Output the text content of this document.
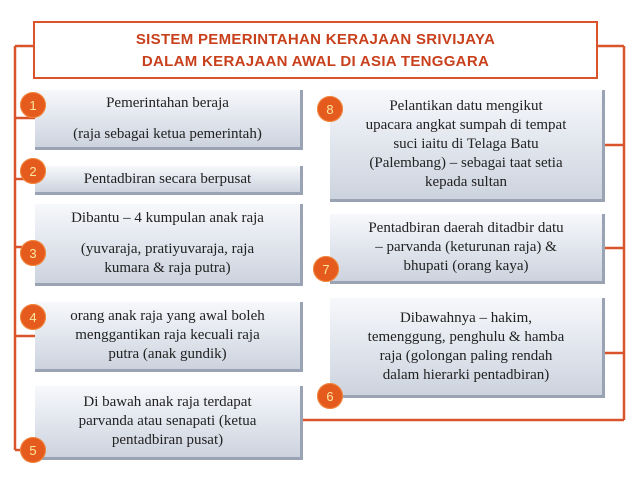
SISTEM PEMERINTAHAN KERAJAAN SRIVIJAYA
DALAM KERAJAAN AWAL DI ASIA TENGGARA
Pemerintahan beraja
(raja sebagai ketua pemerintah)
Pentadbiran secara berpusat
Dibantu – 4 kumpulan anak raja
(yuvaraja, pratiyuvaraja, raja
kumara & raja putra)
orang anak raja yang awal boleh
menggantikan raja kecuali raja
putra (anak gundik)
Di bawah anak raja terdapat
parvanda atau senapati (ketua
pentadbiran pusat)
Pelantikan datu mengikut
upacara angkat sumpah di tempat
suci iaitu di Telaga Batu
(Palembang) – sebagai taat setia
kepada sultan
Pentadbiran daerah ditadbir datu
– parvanda (keturunan raja) &
bhupati (orang kaya)
Dibawahnya – hakim,
temenggung, penghulu & hamba
raja (golongan paling rendah
dalam hierarki pentadbiran)
1
2
3
4
5
8
7
6
